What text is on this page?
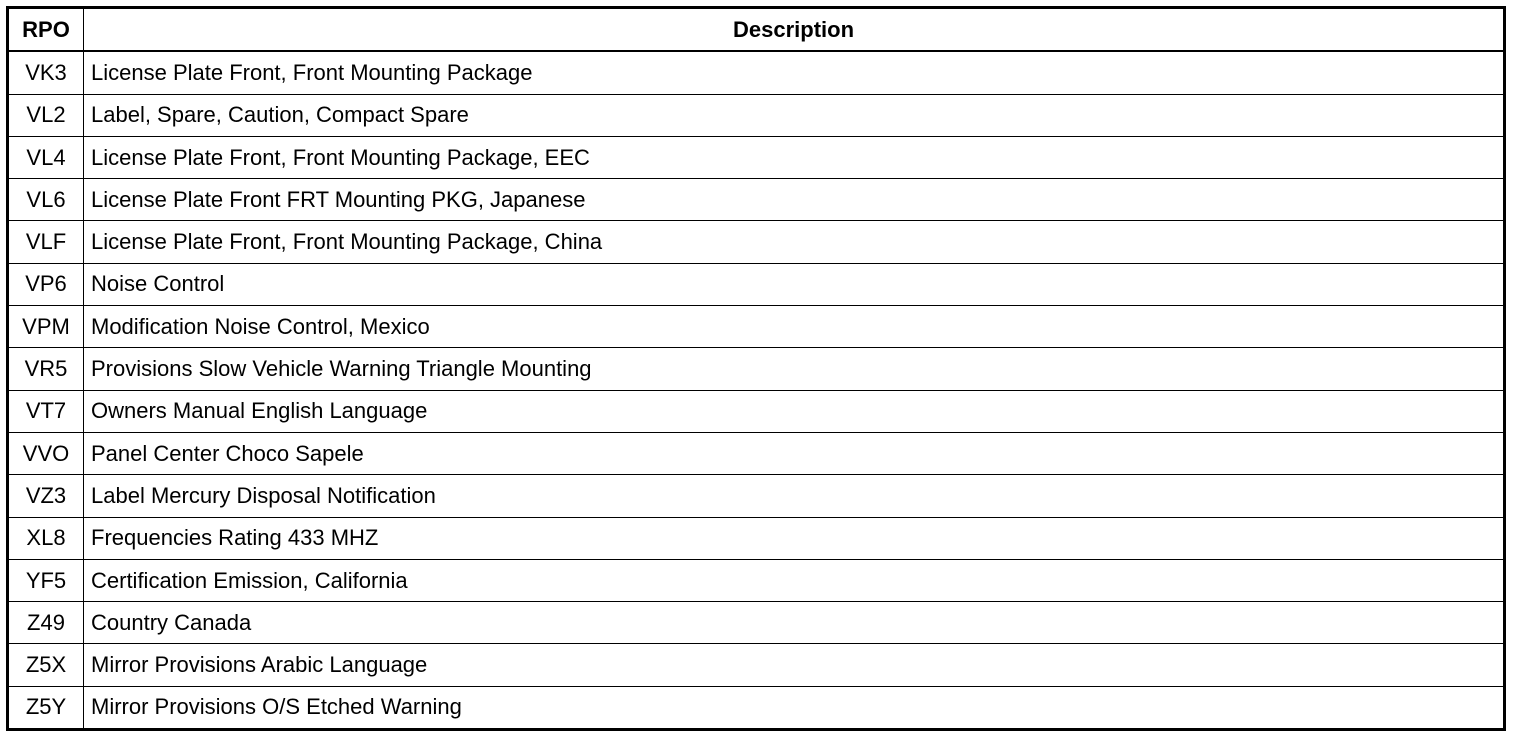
RPO	Description
VK3	License Plate Front, Front Mounting Package
VL2	Label, Spare, Caution, Compact Spare
VL4	License Plate Front, Front Mounting Package, EEC
VL6	License Plate Front FRT Mounting PKG, Japanese
VLF	License Plate Front, Front Mounting Package, China
VP6	Noise Control
VPM	Modification Noise Control, Mexico
VR5	Provisions Slow Vehicle Warning Triangle Mounting
VT7	Owners Manual English Language
VVO	Panel Center Choco Sapele
VZ3	Label Mercury Disposal Notification
XL8	Frequencies Rating 433 MHZ
YF5	Certification Emission, California
Z49	Country Canada
Z5X	Mirror Provisions Arabic Language
Z5Y	Mirror Provisions O/S Etched Warning
